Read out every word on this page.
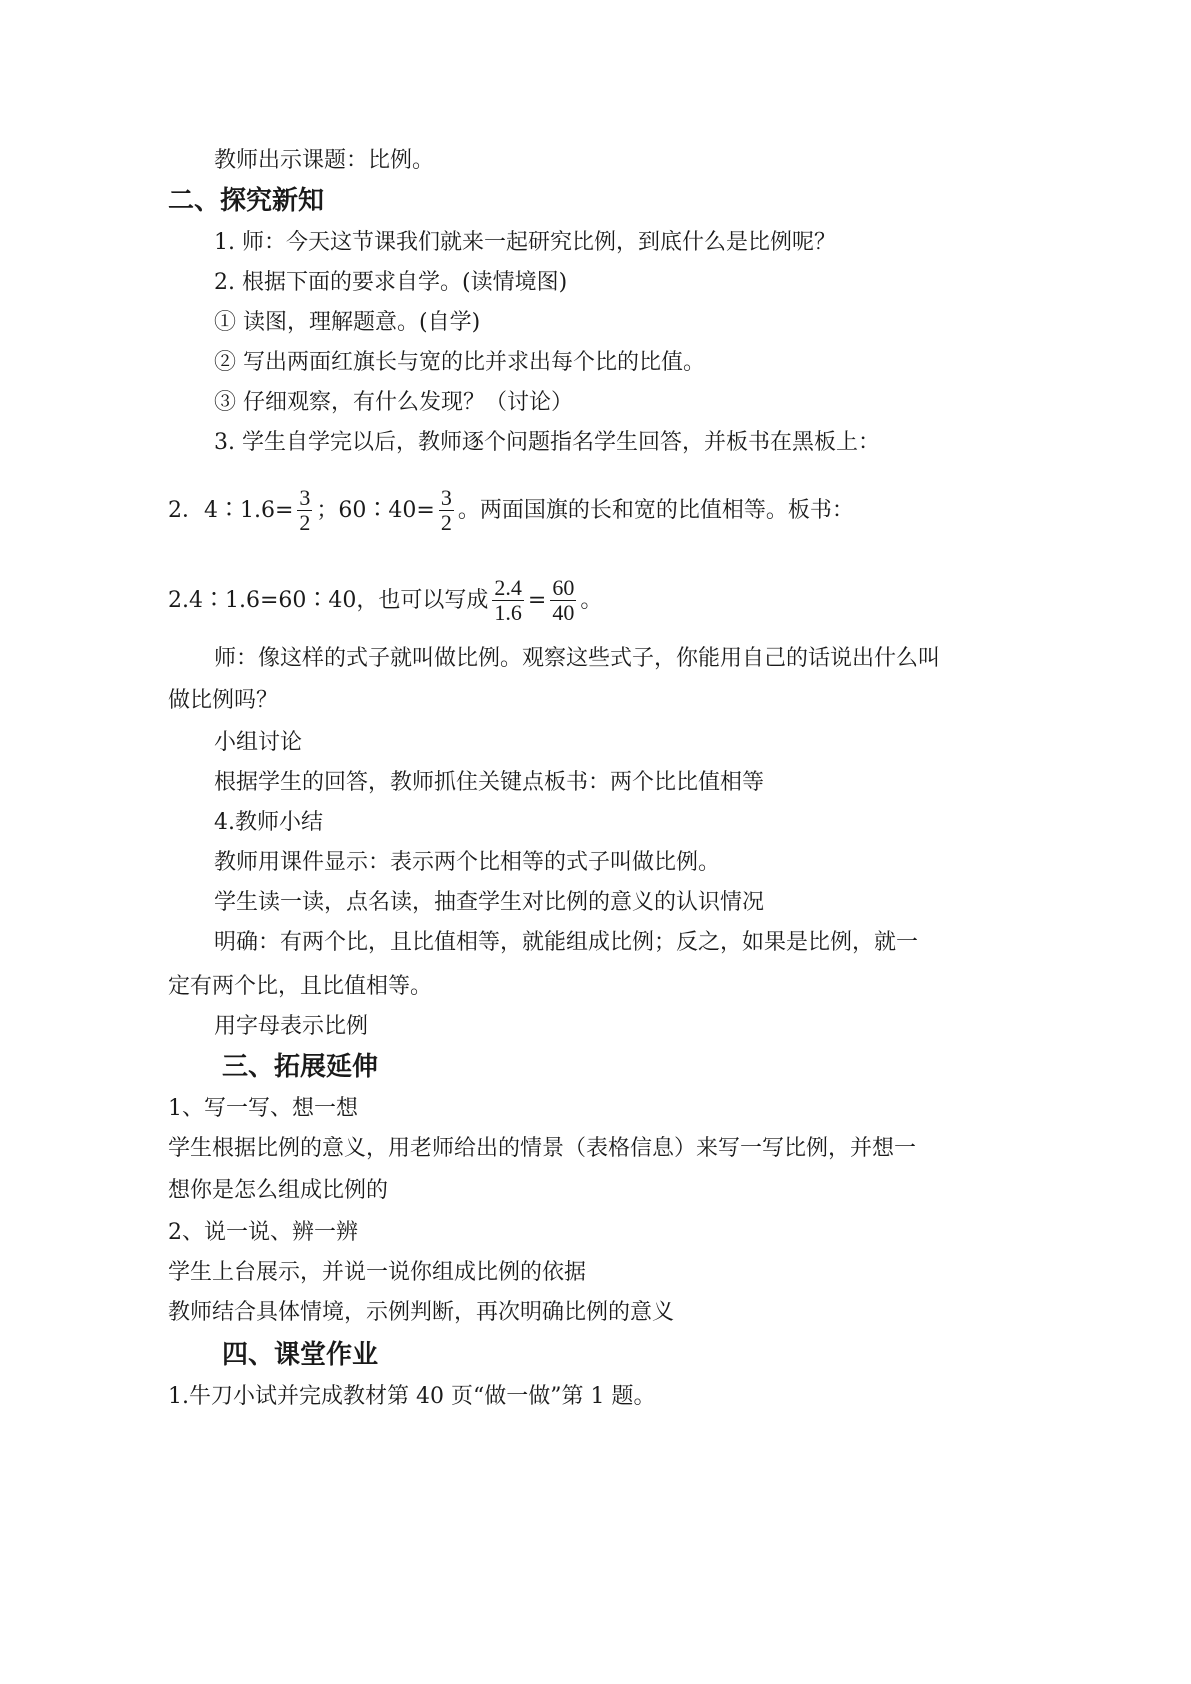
教师出示课题：比例。
二、探究新知
1. 师：今天这节课我们就来一起研究比例，到底什么是比例呢？
2. 根据下面的要求自学。(读情境图)
① 读图，理解题意。(自学)
② 写出两面红旗长与宽的比并求出每个比的比值。
③ 仔细观察，有什么发现？（讨论）
3. 学生自学完以后，教师逐个问题指名学生回答，并板书在黑板上：
2．4∶1.6= $\frac{3}{2}$ ；60∶40= $\frac{3}{2}$ 。两面国旗的长和宽的比值相等。板书：
2.4∶1.6=60∶40，也可以写成 $\frac{2.4}{1.6} = \frac{60}{40}$ 。
师：像这样的式子就叫做比例。观察这些式子，你能用自己的话说出什么叫
做比例吗？
小组讨论
根据学生的回答，教师抓住关键点板书：两个比比值相等
4.教师小结
教师用课件显示：表示两个比相等的式子叫做比例。
学生读一读，点名读，抽查学生对比例的意义的认识情况
明确：有两个比，且比值相等，就能组成比例；反之，如果是比例，就一
定有两个比，且比值相等。
用字母表示比例
三、拓展延伸
1、写一写、想一想
学生根据比例的意义，用老师给出的情景（表格信息）来写一写比例，并想一
想你是怎么组成比例的
2、说一说、辨一辨
学生上台展示，并说一说你组成比例的依据
教师结合具体情境，示例判断，再次明确比例的意义
四、课堂作业
1.牛刀小试并完成教材第 40 页“做一做”第 1 题。
